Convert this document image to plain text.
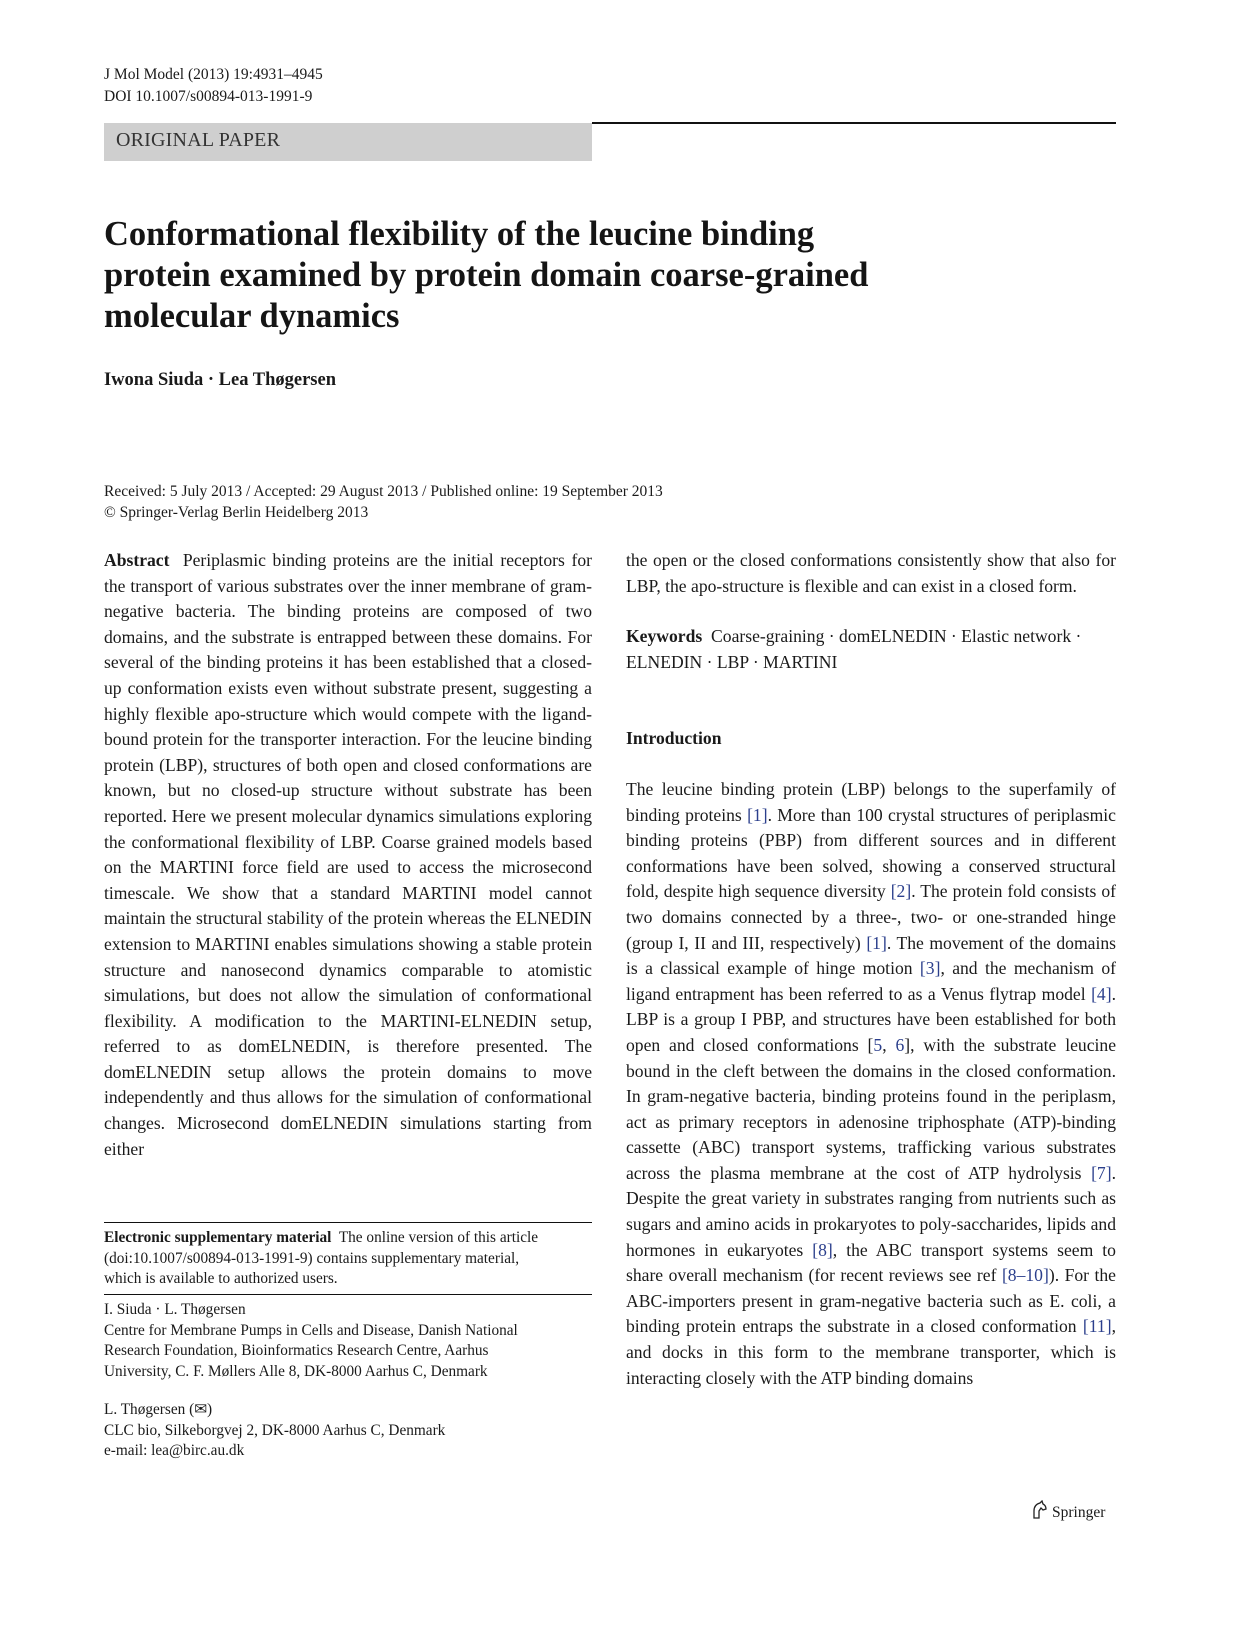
J Mol Model (2013) 19:4931–4945
DOI 10.1007/s00894-013-1991-9
ORIGINAL PAPER
Conformational flexibility of the leucine binding
protein examined by protein domain coarse-grained
molecular dynamics
Iwona Siuda · Lea Thøgersen
Received: 5 July 2013 / Accepted: 29 August 2013 / Published online: 19 September 2013
© Springer-Verlag Berlin Heidelberg 2013

Abstract Periplasmic binding proteins are the initial receptors for the transport of various substrates over the inner membrane of gram-negative bacteria. The binding proteins are composed of two domains, and the substrate is entrapped between these domains. For several of the binding proteins it has been established that a closed-up conformation exists even without substrate present, suggesting a highly flexible apo-structure which would compete with the ligand-bound protein for the transporter interaction. For the leucine binding protein (LBP), structures of both open and closed conformations are known, but no closed-up structure without substrate has been reported. Here we present molecular dynamics simulations exploring the conformational flexibility of LBP. Coarse grained models based on the MARTINI force field are used to access the microsecond timescale. We show that a standard MARTINI model cannot maintain the structural stability of the protein whereas the ELNEDIN extension to MARTINI enables simulations showing a stable protein structure and nanosecond dynamics comparable to atomistic simulations, but does not allow the simulation of conformational flexibility. A modification to the MARTINI-ELNEDIN setup, referred to as domELNEDIN, is therefore presented. The domELNEDIN setup allows the protein domains to move independently and thus allows for the simulation of conformational changes. Microsecond domELNEDIN simulations starting from either

the open or the closed conformations consistently show that also for LBP, the apo-structure is flexible and can exist in a closed form.

Keywords Coarse-graining · domELNEDIN · Elastic network · ELNEDIN · LBP · MARTINI

Introduction

The leucine binding protein (LBP) belongs to the superfamily of binding proteins [1]. More than 100 crystal structures of periplasmic binding proteins (PBP) from different sources and in different conformations have been solved, showing a conserved structural fold, despite high sequence diversity [2]. The protein fold consists of two domains connected by a three-, two- or one-stranded hinge (group I, II and III, respectively) [1]. The movement of the domains is a classical example of hinge motion [3], and the mechanism of ligand entrapment has been referred to as a Venus flytrap model [4]. LBP is a group I PBP, and structures have been established for both open and closed conformations [5, 6], with the substrate leucine bound in the cleft between the domains in the closed conformation. In gram-negative bacteria, binding proteins found in the periplasm, act as primary receptors in adenosine triphosphate (ATP)-binding cassette (ABC) transport systems, trafficking various substrates across the plasma membrane at the cost of ATP hydrolysis [7]. Despite the great variety in substrates ranging from nutrients such as sugars and amino acids in prokaryotes to poly-saccharides, lipids and hormones in eukaryotes [8], the ABC transport systems seem to share overall mechanism (for recent reviews see ref [8–10]). For the ABC-importers present in gram-negative bacteria such as E. coli, a binding protein entraps the substrate in a closed conformation [11], and docks in this form to the membrane transporter, which is interacting closely with the ATP binding domains

Electronic supplementary material The online version of this article
(doi:10.1007/s00894-013-1991-9) contains supplementary material,
which is available to authorized users.
I. Siuda · L. Thøgersen
Centre for Membrane Pumps in Cells and Disease, Danish National
Research Foundation, Bioinformatics Research Centre, Aarhus
University, C. F. Møllers Alle 8, DK-8000 Aarhus C, Denmark
L. Thøgersen (✉)
CLC bio, Silkeborgvej 2, DK-8000 Aarhus C, Denmark
e-mail: lea@birc.au.dk
Springer
